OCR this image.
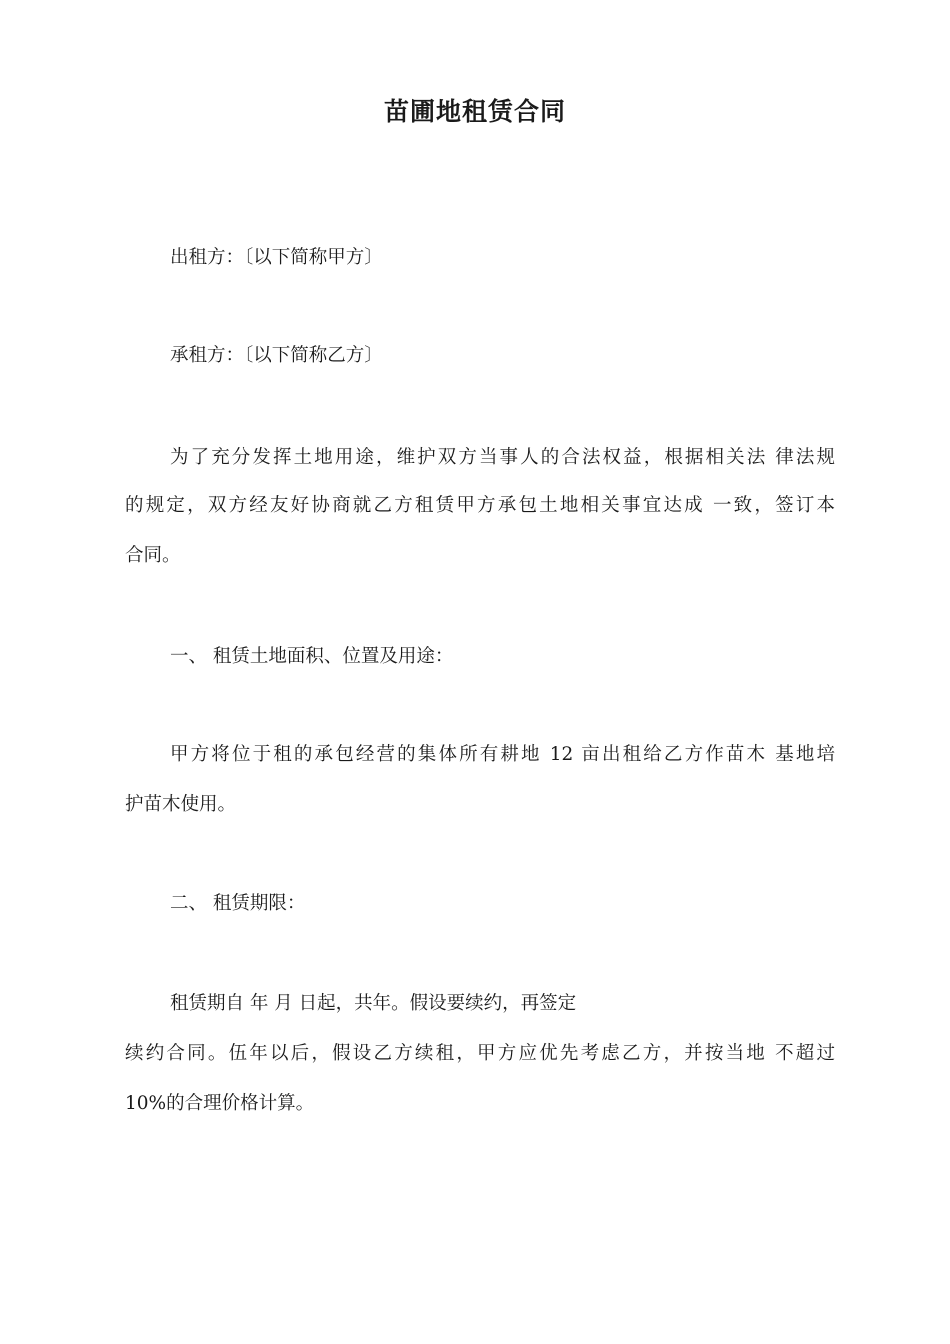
苗圃地租赁合同
出租方：〔以下简称甲方〕
承租方：〔以下简称乙方〕
为了充分发挥土地用途，维护双方当事人的合法权益，根据相关法 律法规
的规定，双方经友好协商就乙方租赁甲方承包土地相关事宜达成 一致，签订本
合同。
一、 租赁土地面积、位置及用途：
甲方将位于租的承包经营的集体所有耕地 12 亩出租给乙方作苗木 基地培
护苗木使用。
二、 租赁期限：
租赁期自 年 月 日起，共年。假设要续约，再签定
续约合同。伍年以后，假设乙方续租，甲方应优先考虑乙方，并按当地 不超过
10%的合理价格计算。
